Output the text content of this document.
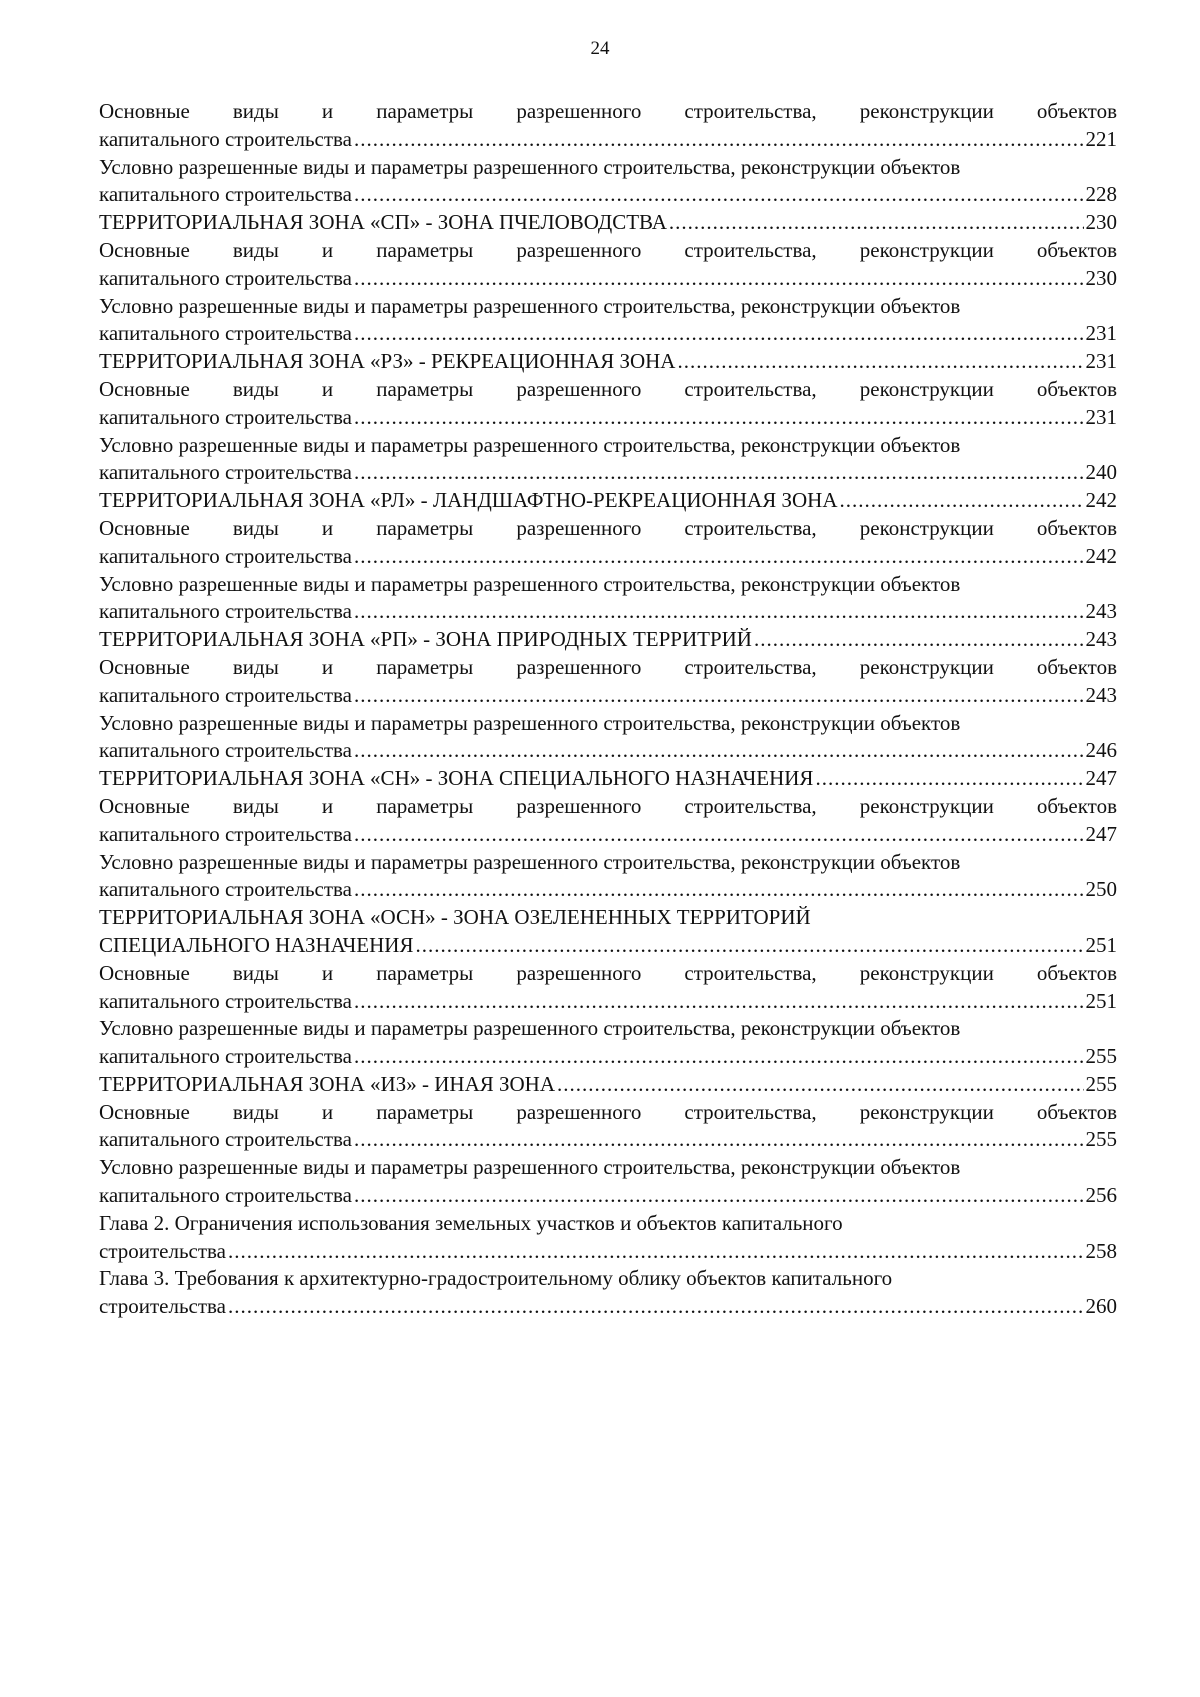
24
Основные виды и параметры разрешенного строительства, реконструкции объектов
капитального строительства .....	221
Условно разрешенные виды и параметры разрешенного строительства, реконструкции объектов
капитального строительства .....	228
ТЕРРИТОРИАЛЬНАЯ ЗОНА «СП» - ЗОНА ПЧЕЛОВОДСТВА .....	230
Основные виды и параметры разрешенного строительства, реконструкции объектов
капитального строительства .....	230
Условно разрешенные виды и параметры разрешенного строительства, реконструкции объектов
капитального строительства .....	231
ТЕРРИТОРИАЛЬНАЯ ЗОНА «РЗ» - РЕКРЕАЦИОННАЯ ЗОНА .....	231
Основные виды и параметры разрешенного строительства, реконструкции объектов
капитального строительства .....	231
Условно разрешенные виды и параметры разрешенного строительства, реконструкции объектов
капитального строительства .....	240
ТЕРРИТОРИАЛЬНАЯ ЗОНА «РЛ» - ЛАНДШАФТНО-РЕКРЕАЦИОННАЯ ЗОНА .....	242
Основные виды и параметры разрешенного строительства, реконструкции объектов
капитального строительства .....	242
Условно разрешенные виды и параметры разрешенного строительства, реконструкции объектов
капитального строительства .....	243
ТЕРРИТОРИАЛЬНАЯ ЗОНА «РП» - ЗОНА ПРИРОДНЫХ ТЕРРИТРИЙ .....	243
Основные виды и параметры разрешенного строительства, реконструкции объектов
капитального строительства .....	243
Условно разрешенные виды и параметры разрешенного строительства, реконструкции объектов
капитального строительства .....	246
ТЕРРИТОРИАЛЬНАЯ ЗОНА «СН» - ЗОНА СПЕЦИАЛЬНОГО НАЗНАЧЕНИЯ .....	247
Основные виды и параметры разрешенного строительства, реконструкции объектов
капитального строительства .....	247
Условно разрешенные виды и параметры разрешенного строительства, реконструкции объектов
капитального строительства .....	250
ТЕРРИТОРИАЛЬНАЯ ЗОНА «ОСН» - ЗОНА ОЗЕЛЕНЕННЫХ ТЕРРИТОРИЙ
СПЕЦИАЛЬНОГО НАЗНАЧЕНИЯ .....	251
Основные виды и параметры разрешенного строительства, реконструкции объектов
капитального строительства .....	251
Условно разрешенные виды и параметры разрешенного строительства, реконструкции объектов
капитального строительства .....	255
ТЕРРИТОРИАЛЬНАЯ ЗОНА «ИЗ» - ИНАЯ ЗОНА .....	255
Основные виды и параметры разрешенного строительства, реконструкции объектов
капитального строительства .....	255
Условно разрешенные виды и параметры разрешенного строительства, реконструкции объектов
капитального строительства .....	256
Глава 2. Ограничения использования земельных участков и объектов капитального
строительства .....	258
Глава 3. Требования к архитектурно-градостроительному облику объектов капитального
строительства .....	260
